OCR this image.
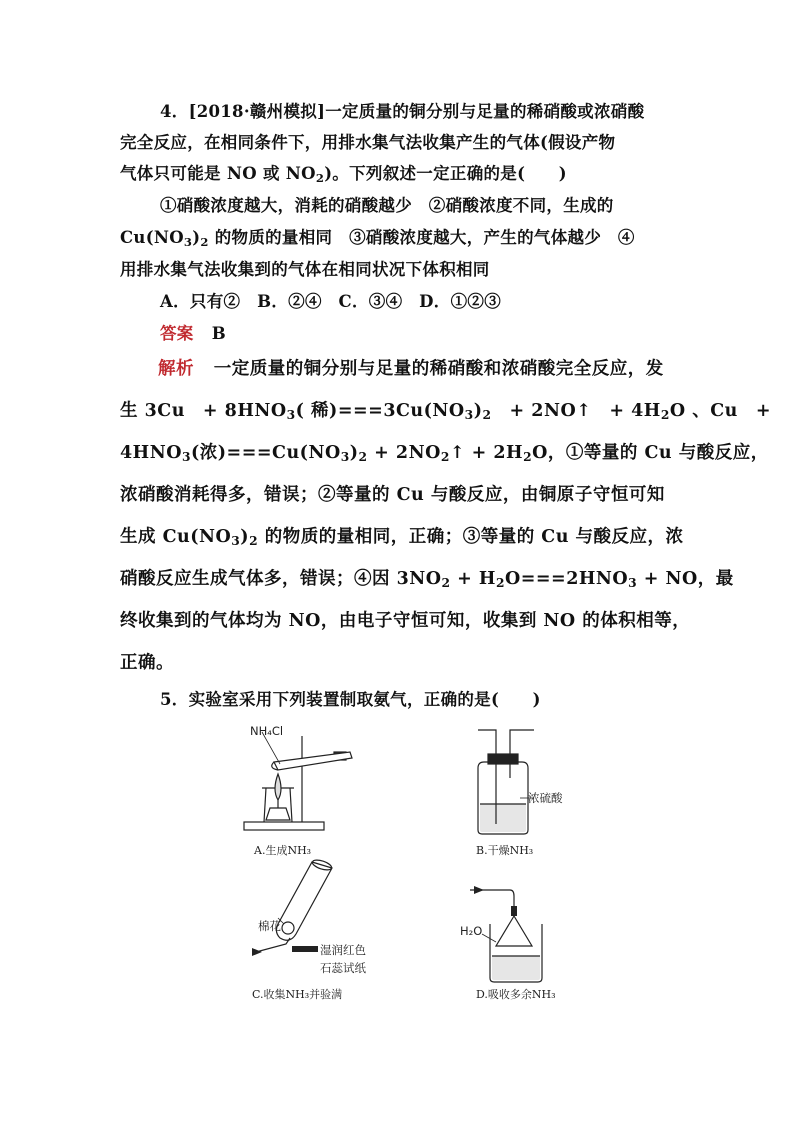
4．[2018·赣州模拟]一定质量的铜分别与足量的稀硝酸或浓硝酸
完全反应，在相同条件下，用排水集气法收集产生的气体(假设产物
气体只可能是 NO 或 $NO_2$)。下列叙述一定正确的是(　　)
①硝酸浓度越大，消耗的硝酸越少　②硝酸浓度不同，生成的
$Cu(NO_3)_2$ 的物质的量相同　③硝酸浓度越大，产生的气体越少　④
用排水集气法收集到的气体在相同状况下体积相同
A．只有②　B．②④　C．③④　D．①②③
答案 B
解析 一定质量的铜分别与足量的稀硝酸和浓硝酸完全反应，发
生 3Cu　+ $8HNO_3$( 稀)$===3Cu(NO_3)_2$　+ 2NO↑　+ $4H_2O$ 、Cu　+
$4HNO_3$(浓)$===Cu(NO_3)_2$ + $2NO_2↑ + 2H_2O$，①等量的 Cu 与酸反应，
浓硝酸消耗得多，错误；②等量的 Cu 与酸反应，由铜原子守恒可知
生成 $Cu(NO_3)_2$ 的物质的量相同，正确；③等量的 Cu 与酸反应，浓
硝酸反应生成气体多，错误；④因 $3NO_2 + H_2O===2HNO_3$ + NO，最
终收集到的气体均为 NO，由电子守恒可知，收集到 NO 的体积相等，
正确。
5．实验室采用下列装置制取氨气，正确的是(　　)
NH₄Cl
浓硫酸
棉花
湿润红色
石蕊试纸
H₂O
A.生成NH₃	B.干燥NH₃
C.收集NH₃并验满	D.吸收多余NH₃
